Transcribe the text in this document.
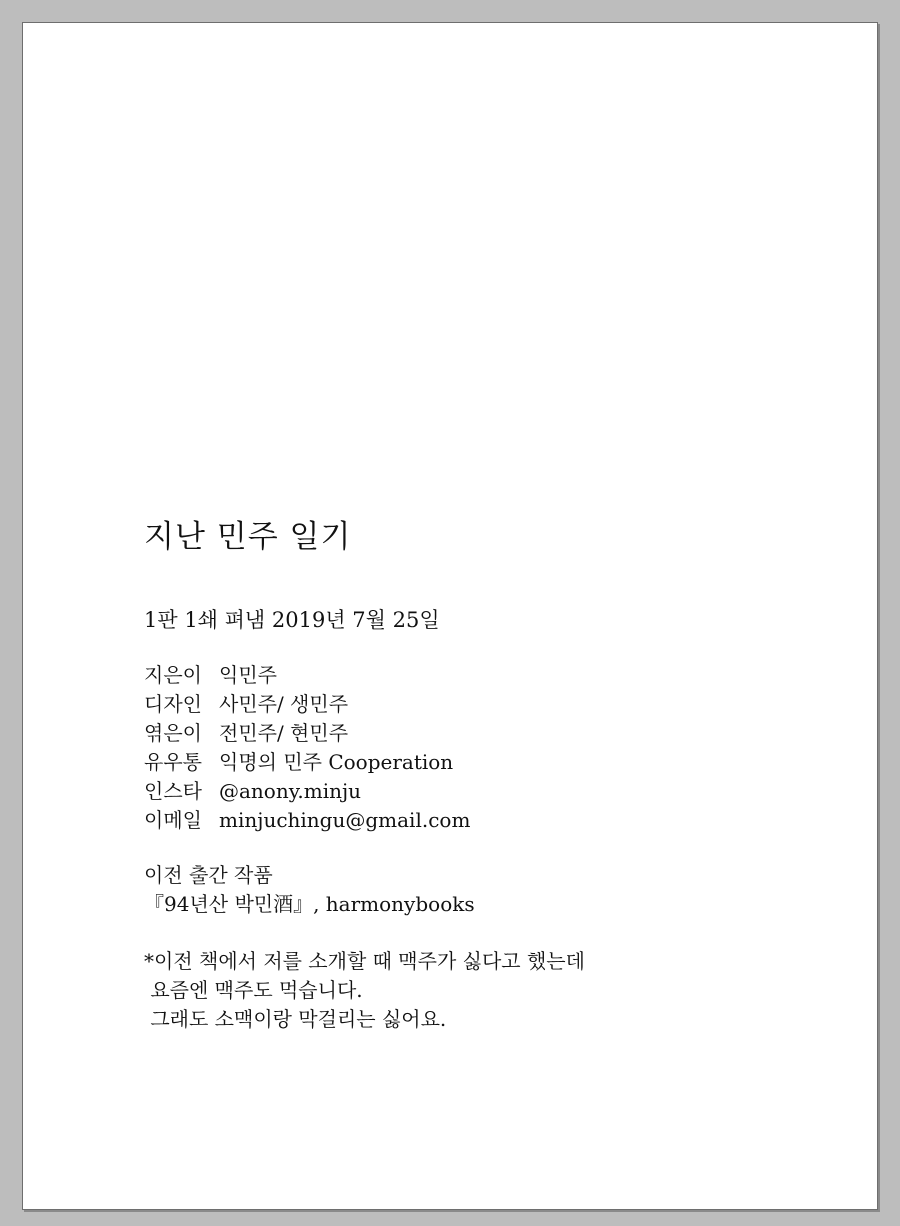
지난 민주 일기
1판 1쇄 펴냄 2019년 7월 25일
지은이 익민주
디자인 사민주/ 생민주
엮은이 전민주/ 현민주
유우통 익명의 민주 Cooperation
인스타 @anony.minju
이메일 minjuchingu@gmail.com
이전 출간 작품
『94년산 박민酒』, harmonybooks
*이전 책에서 저를 소개할 때 맥주가 싫다고 했는데
요즘엔 맥주도 먹습니다.
그래도 소맥이랑 막걸리는 싫어요.
